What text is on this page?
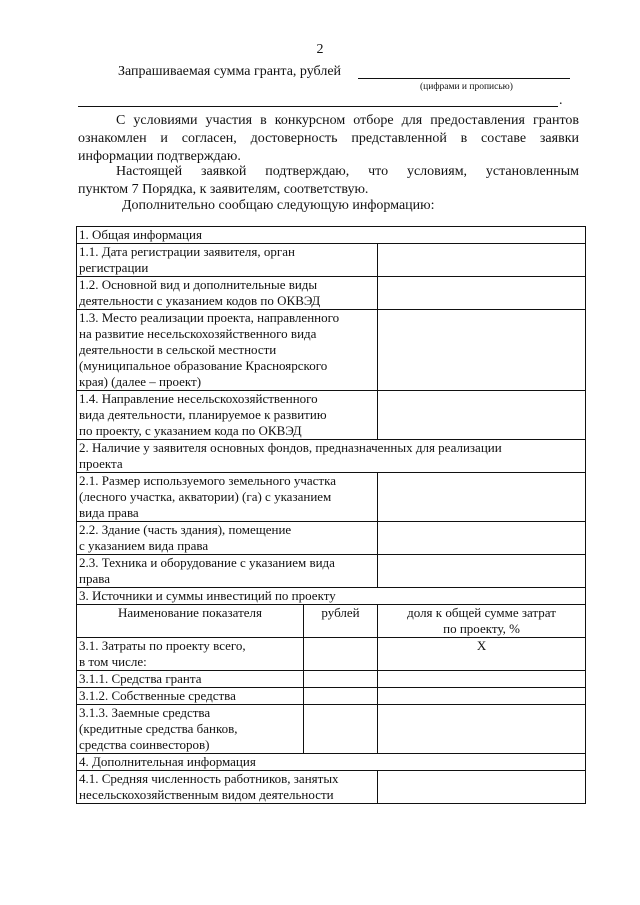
2
Запрашиваемая сумма гранта, рублей
(цифрами и прописью)
.
С условиями участия в конкурсном отборе для предоставления грантов
ознакомлен и согласен, достоверность представленной в составе заявки
информации подтверждаю.
Настоящей заявкой подтверждаю, что условиям, установленным
пунктом 7 Порядка, к заявителям, соответствую.
Дополнительно сообщаю следующую информацию:
1. Общая информация		

1.1. Дата регистрации заявителя, орган
регистрации		

1.2. Основной вид и дополнительные виды
деятельности с указанием кодов по ОКВЭД		

1.3. Место реализации проекта, направленного
на развитие несельскохозяйственного вида
деятельности в сельской местности
(муниципальное образование Красноярского
края) (далее – проект)		

1.4. Направление несельскохозяйственного
вида деятельности, планируемое к развитию
по проекту, с указанием кода по ОКВЭД		

2. Наличие у заявителя основных фондов, предназначенных для реализации
проекта		

2.1. Размер используемого земельного участка
(лесного участка, акватории) (га) с указанием
вида права		

2.2. Здание (часть здания), помещение
с указанием вида права		

2.3. Техника и оборудование с указанием вида
права		

3. Источники и суммы инвестиций по проекту		
Наименование показателя	рублей	доля к общей сумме затрат
по проекту, %

3.1. Затраты по проекту всего,
в том числе:		Х
3.1.1. Средства гранта		
3.1.2. Собственные средства		

3.1.3. Заемные средства
(кредитные средства банков,
средства соинвесторов)		

4. Дополнительная информация		

4.1. Средняя численность работников, занятых
несельскохозяйственным видом деятельности		
